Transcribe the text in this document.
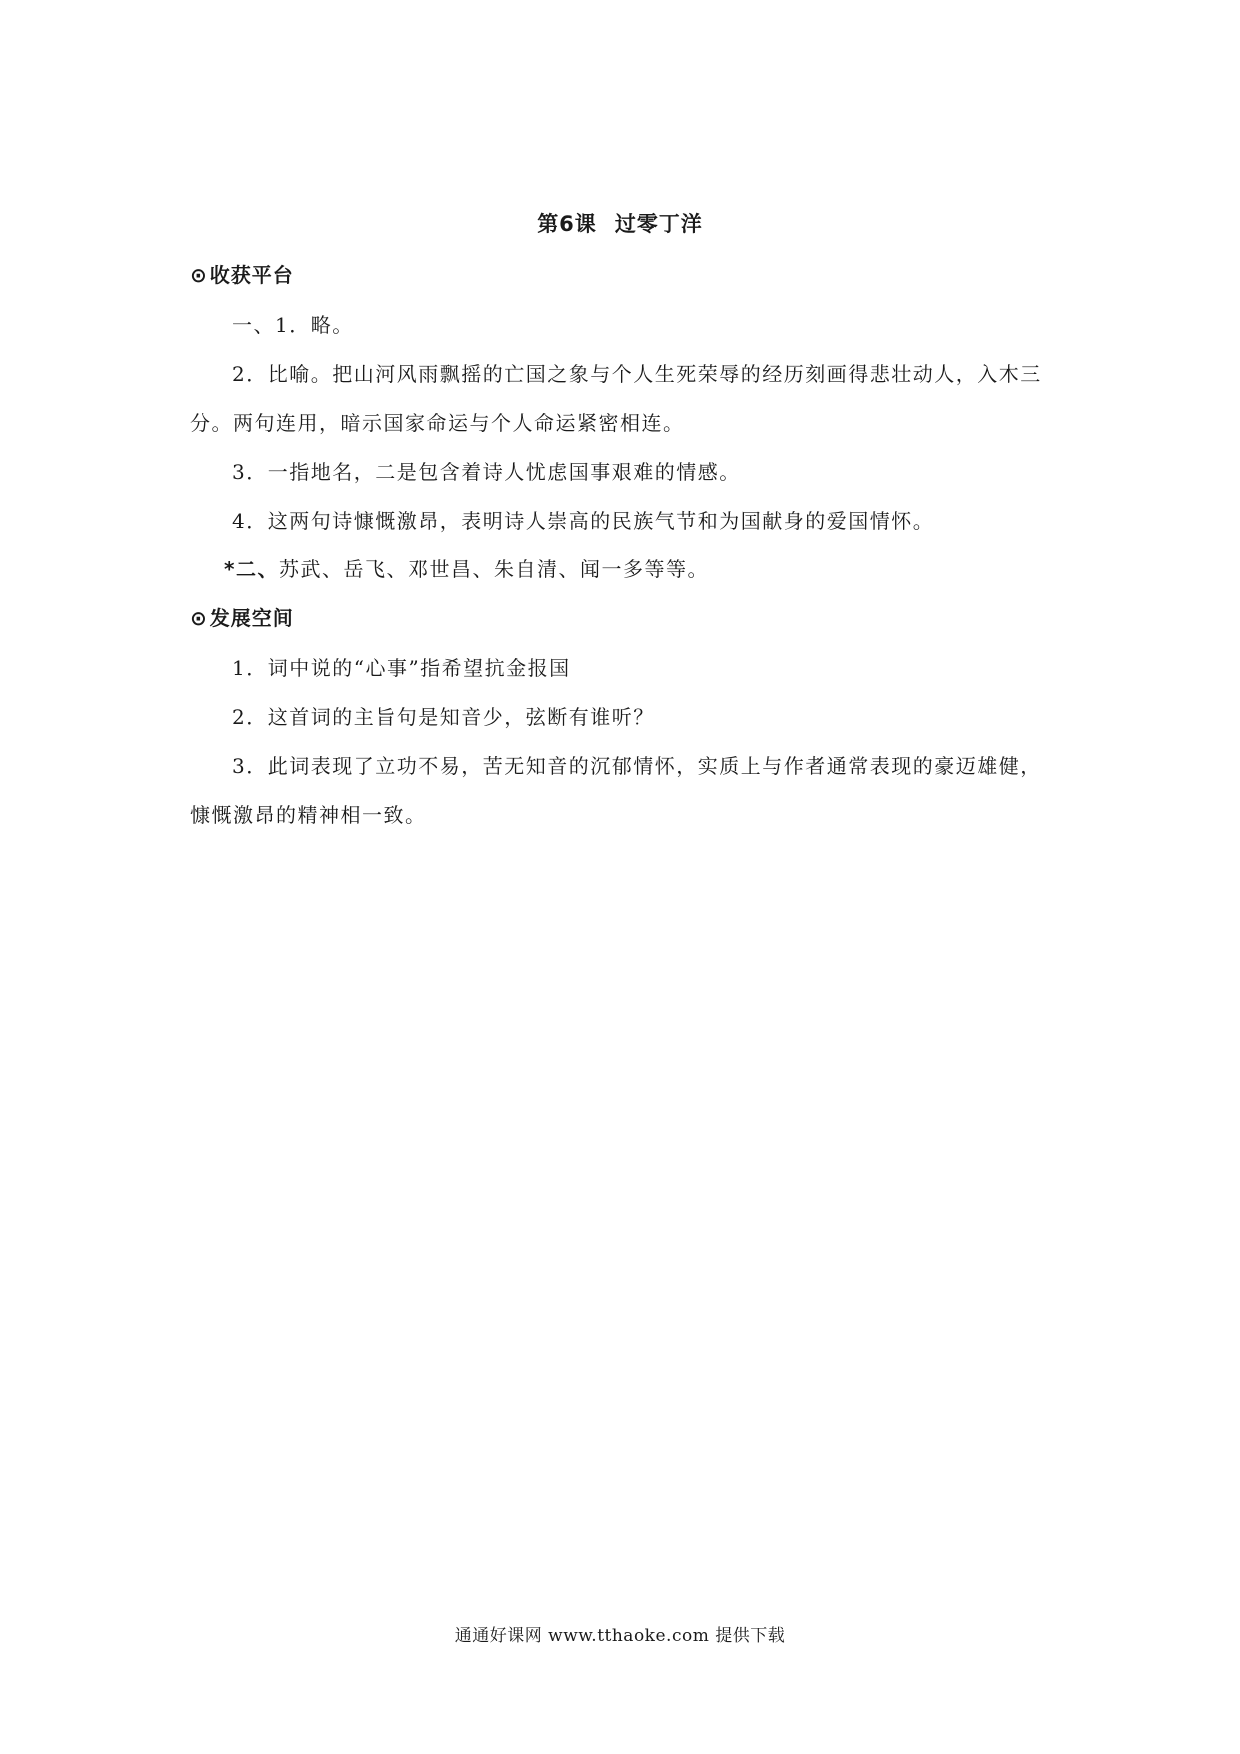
第6课 过零丁洋
⊙ 收获平台
一、1．略。
2．比喻。把山河风雨飘摇的亡国之象与个人生死荣辱的经历刻画得悲壮动人，入木三
分。两句连用，暗示国家命运与个人命运紧密相连。
3．一指地名，二是包含着诗人忧虑国事艰难的情感。
4．这两句诗慷慨激昂，表明诗人崇高的民族气节和为国献身的爱国情怀。
*二、苏武、岳飞、邓世昌、朱自清、闻一多等等。
⊙ 发展空间
1．词中说的“心事”指希望抗金报国
2．这首词的主旨句是知音少，弦断有谁听？
3．此词表现了立功不易，苦无知音的沉郁情怀，实质上与作者通常表现的豪迈雄健，
慷慨激昂的精神相一致。
通通好课网 www.tthaoke.com 提供下载
